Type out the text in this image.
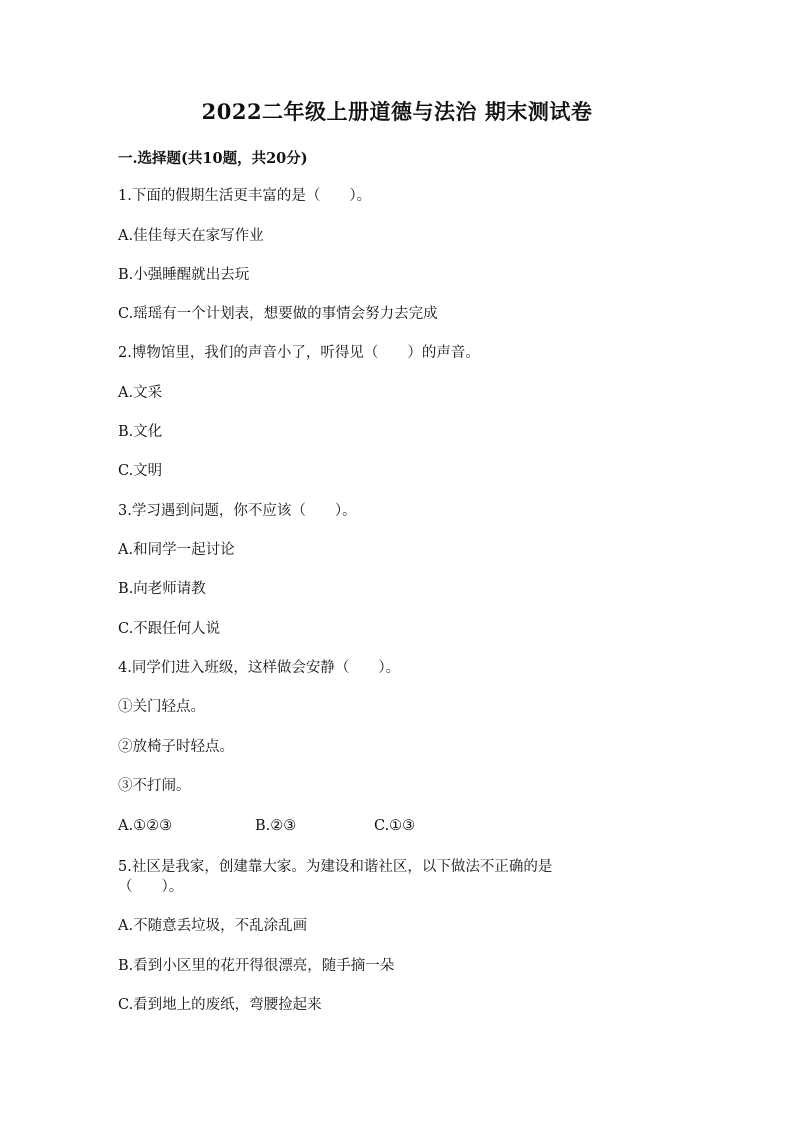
2022二年级上册道德与法治 期末测试卷
一.选择题(共10题，共20分)
1.下面的假期生活更丰富的是（　　）。
A.佳佳每天在家写作业
B.小强睡醒就出去玩
C.瑶瑶有一个计划表，想要做的事情会努力去完成
2.博物馆里，我们的声音小了，听得见（　　）的声音。
A.文采
B.文化
C.文明
3.学习遇到问题，你不应该（　　）。
A.和同学一起讨论
B.向老师请教
C.不跟任何人说
4.同学们进入班级，这样做会安静（　　）。
①关门轻点。
②放椅子时轻点。
③不打闹。
A.①②③	B.②③	C.①③
5.社区是我家，创建靠大家。为建设和谐社区，以下做法不正确的是
（　　）。
A.不随意丢垃圾，不乱涂乱画
B.看到小区里的花开得很漂亮，随手摘一朵
C.看到地上的废纸，弯腰捡起来
